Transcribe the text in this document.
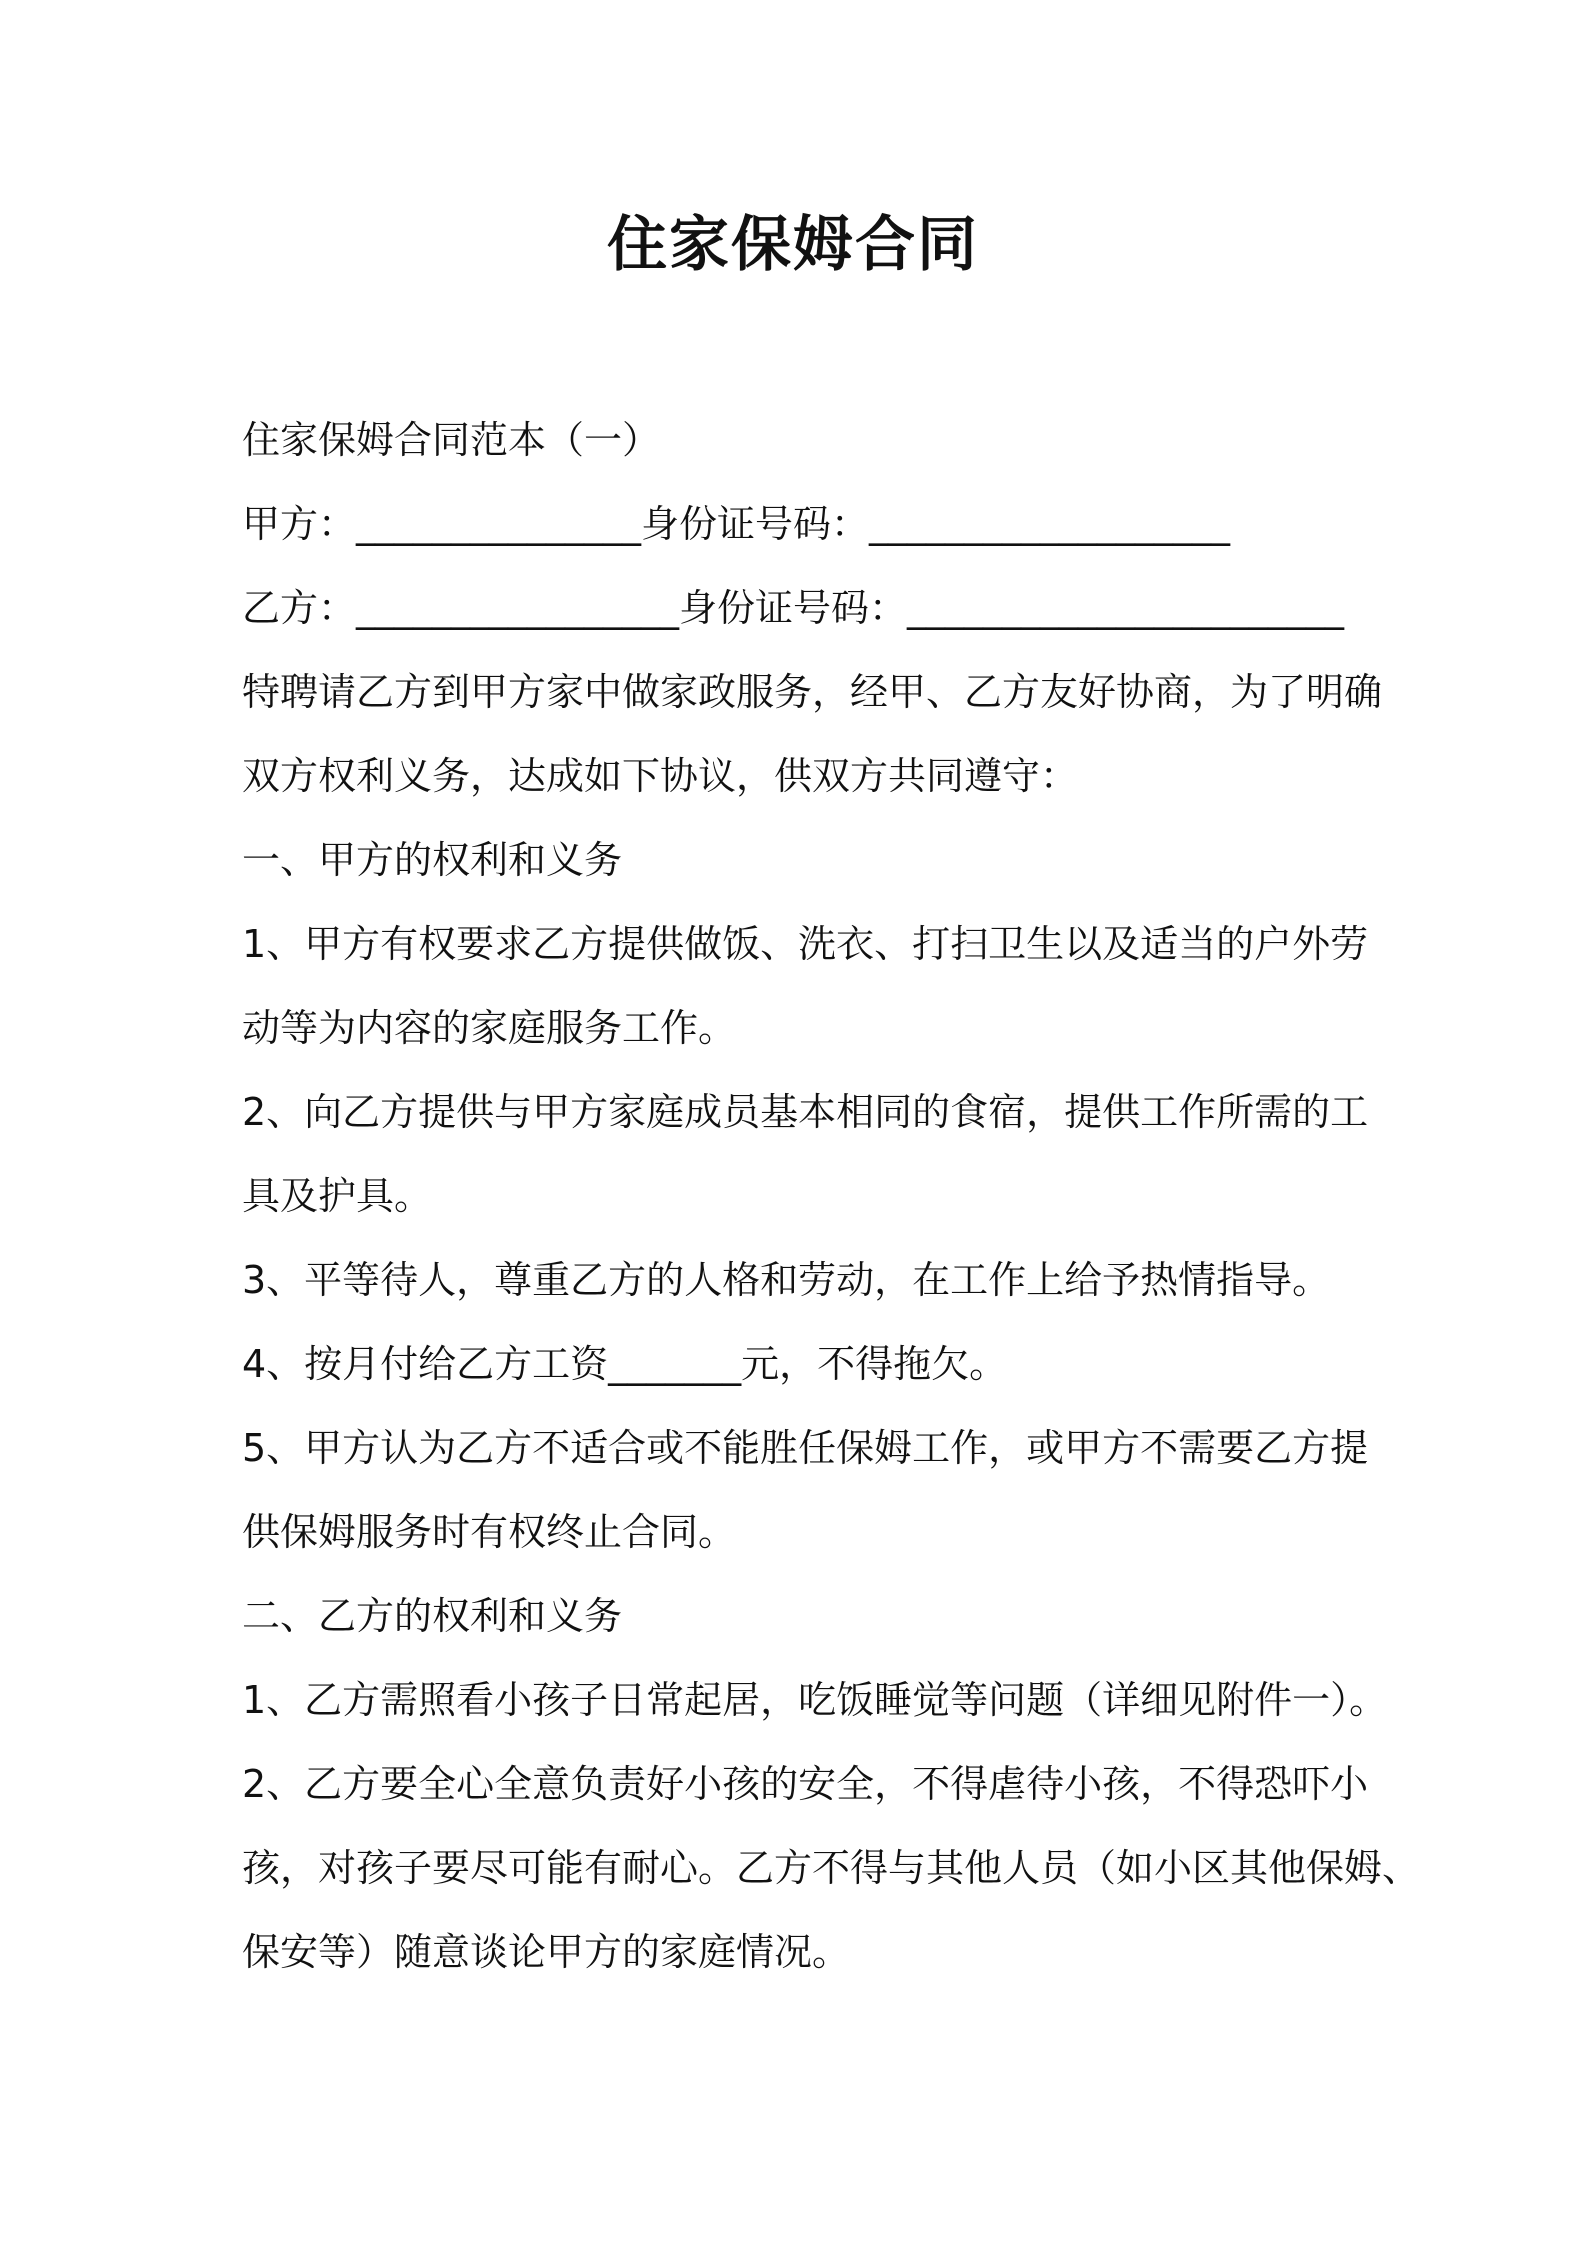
住家保姆合同
住家保姆合同范本（一）
甲方：_______________身份证号码：___________________
乙方：_________________身份证号码：_______________________
特聘请乙方到甲方家中做家政服务，经甲、乙方友好协商，为了明确
双方权利义务，达成如下协议，供双方共同遵守：
一、甲方的权利和义务
1、甲方有权要求乙方提供做饭、洗衣、打扫卫生以及适当的户外劳
动等为内容的家庭服务工作。
2、向乙方提供与甲方家庭成员基本相同的食宿，提供工作所需的工
具及护具。
3、平等待人，尊重乙方的人格和劳动，在工作上给予热情指导。
4、按月付给乙方工资_______元，不得拖欠。
5、甲方认为乙方不适合或不能胜任保姆工作，或甲方不需要乙方提
供保姆服务时有权终止合同。
二、乙方的权利和义务
1、乙方需照看小孩子日常起居，吃饭睡觉等问题（详细见附件一）。
2、乙方要全心全意负责好小孩的安全，不得虐待小孩，不得恐吓小
孩，对孩子要尽可能有耐心。乙方不得与其他人员（如小区其他保姆、
保安等）随意谈论甲方的家庭情况。
